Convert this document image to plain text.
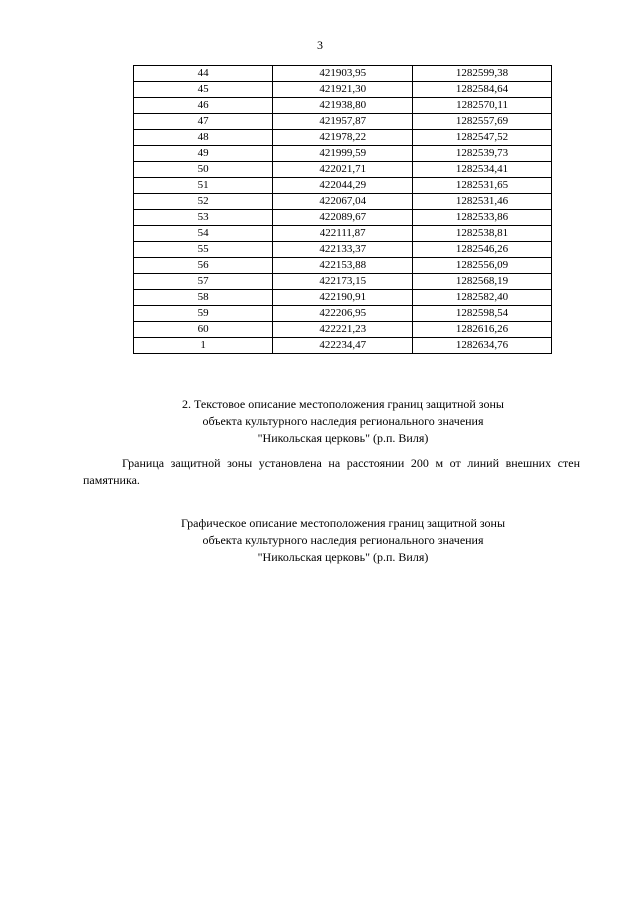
3
44	421903,95	1282599,38
45	421921,30	1282584,64
46	421938,80	1282570,11
47	421957,87	1282557,69
48	421978,22	1282547,52
49	421999,59	1282539,73
50	422021,71	1282534,41
51	422044,29	1282531,65
52	422067,04	1282531,46
53	422089,67	1282533,86
54	422111,87	1282538,81
55	422133,37	1282546,26
56	422153,88	1282556,09
57	422173,15	1282568,19
58	422190,91	1282582,40
59	422206,95	1282598,54
60	422221,23	1282616,26
1	422234,47	1282634,76
2. Текстовое описание местоположения границ защитной зоны
объекта культурного наследия регионального значения
"Никольская церковь" (р.п. Виля)
Граница защитной зоны установлена на расстоянии 200 м от линий внешних стен памятника.
Графическое описание местоположения границ защитной зоны
объекта культурного наследия регионального значения
"Никольская церковь" (р.п. Виля)
